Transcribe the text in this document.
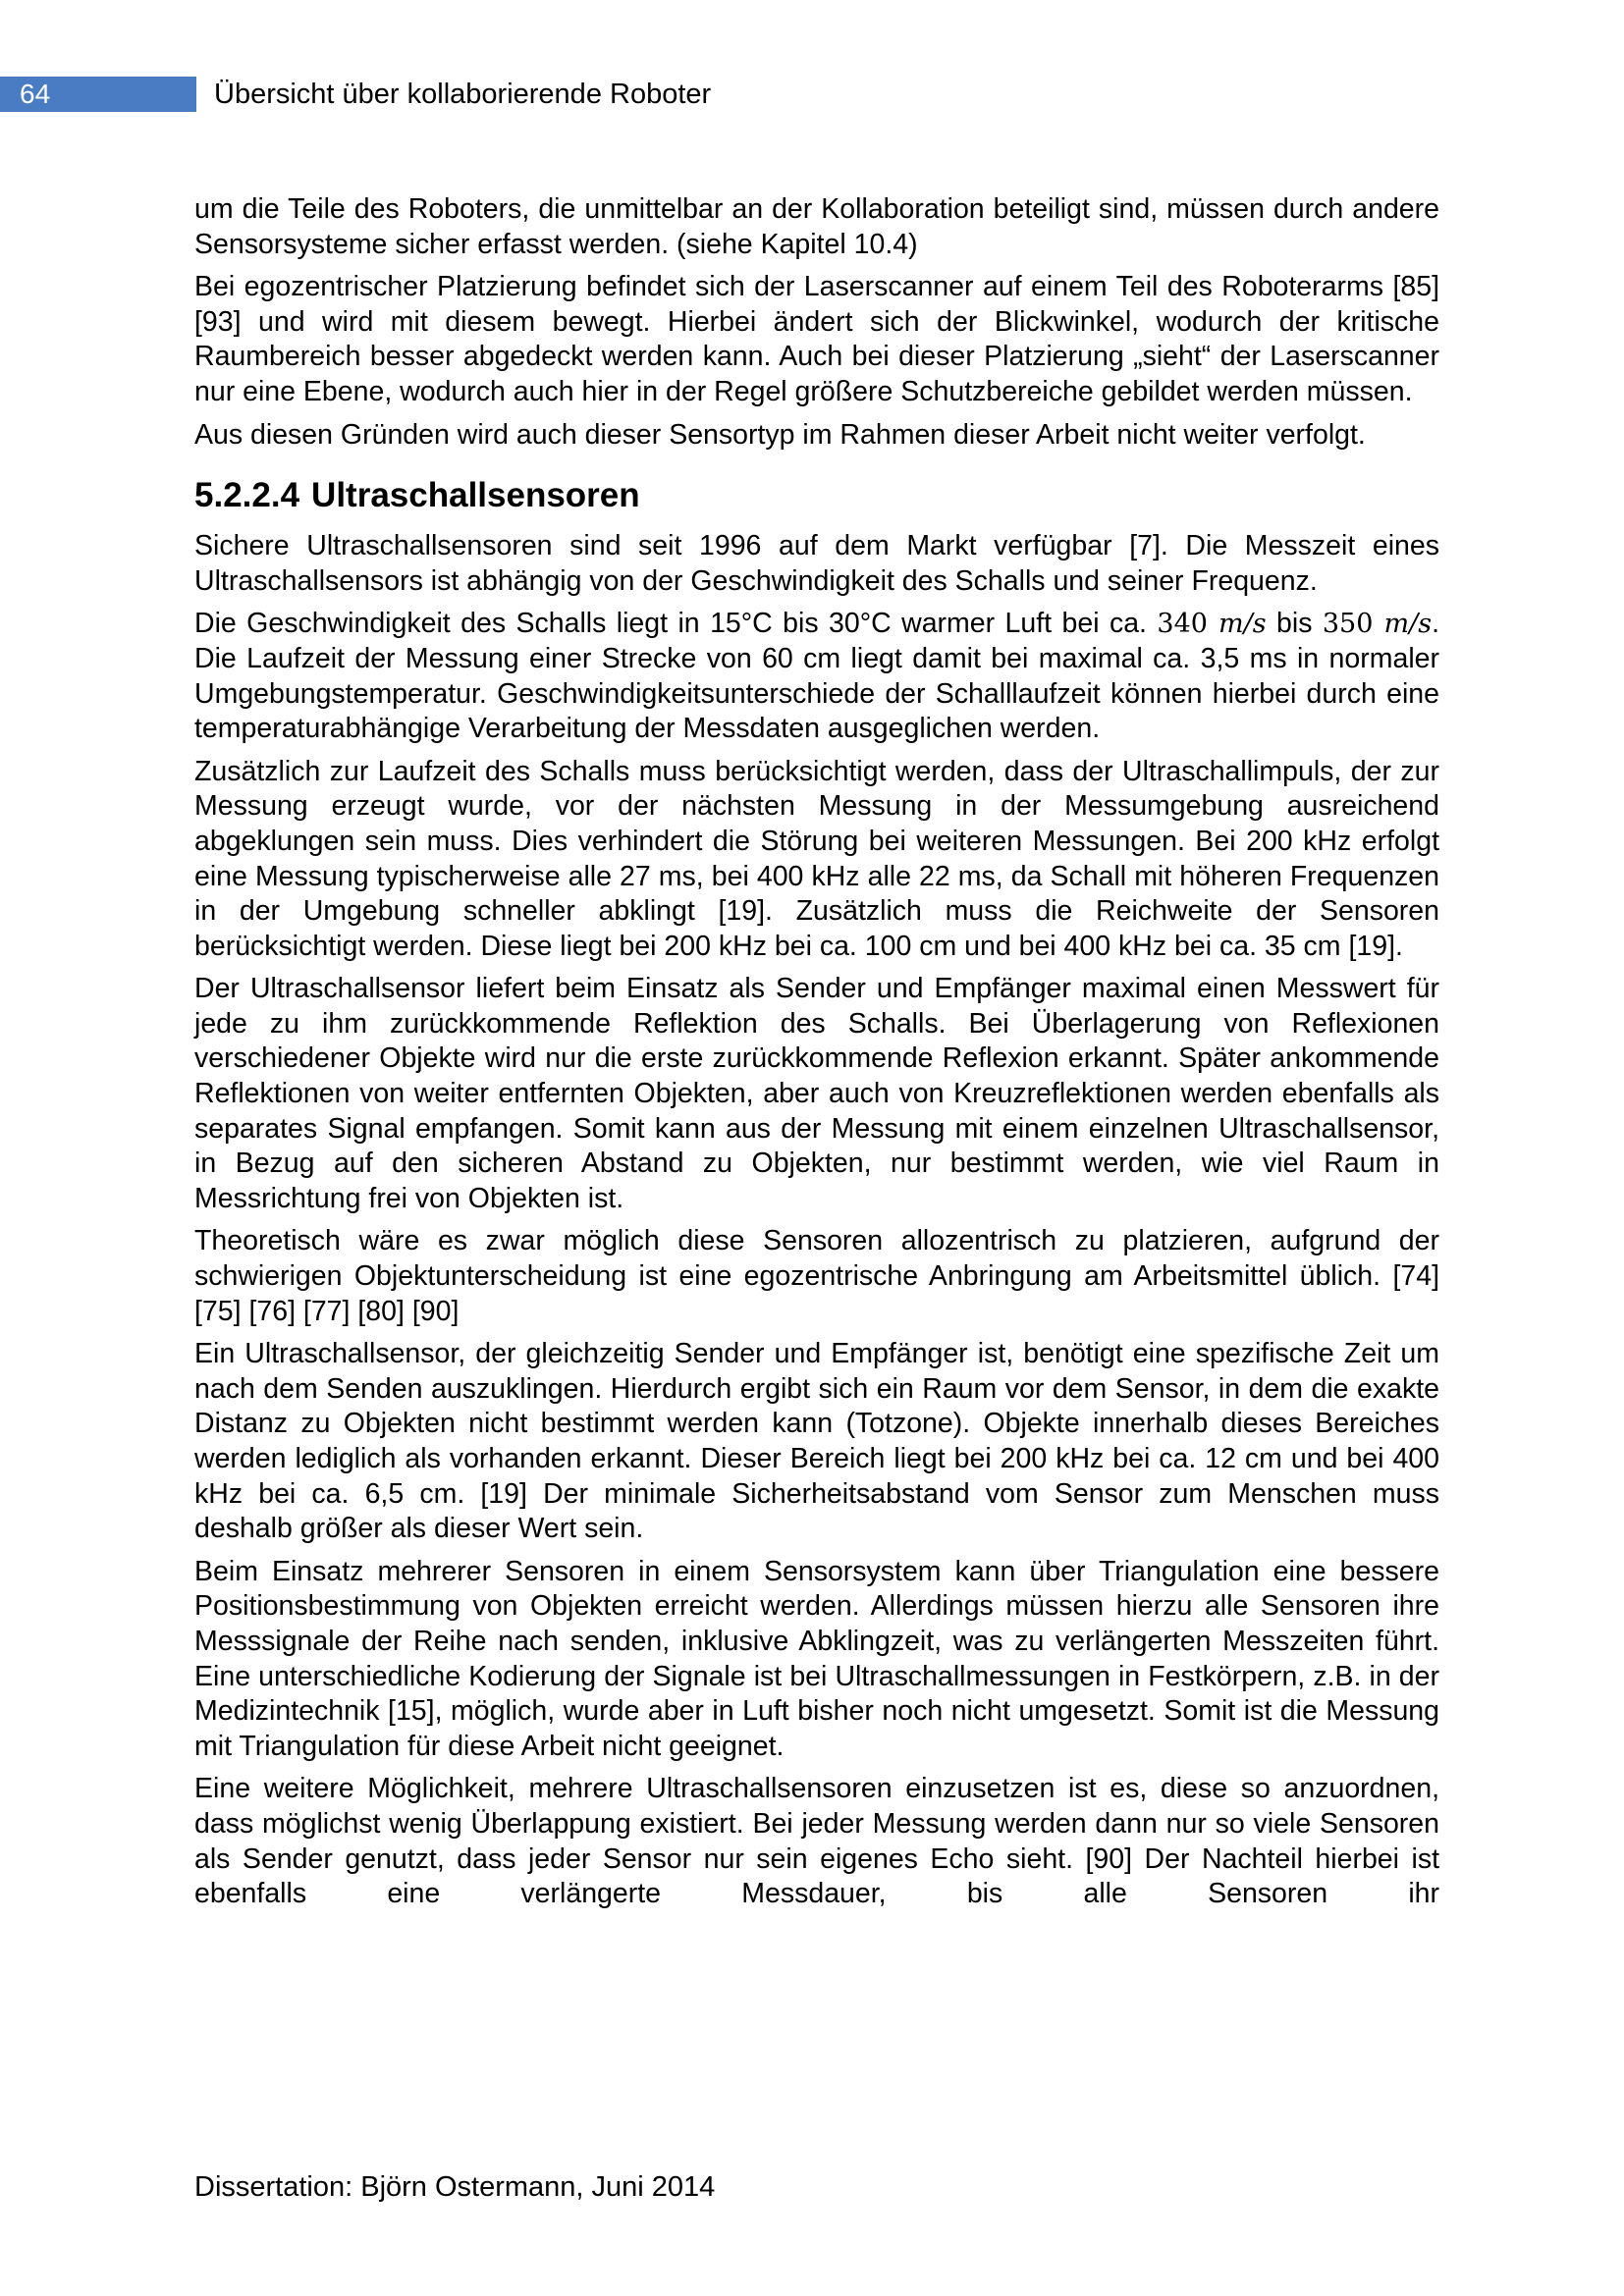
64	Übersicht über kollaborierende Roboter

um die Teile des Roboters, die unmittelbar an der Kollaboration beteiligt sind, müssen durch andere Sensorsysteme sicher erfasst werden. (siehe Kapitel 10.4)

Bei egozentrischer Platzierung befindet sich der Laserscanner auf einem Teil des Roboterarms [85] [93] und wird mit diesem bewegt. Hierbei ändert sich der Blickwinkel, wodurch der kritische Raumbereich besser abgedeckt werden kann. Auch bei dieser Platzierung „sieht“ der Laserscanner nur eine Ebene, wodurch auch hier in der Regel größere Schutzbereiche gebildet werden müssen.

Aus diesen Gründen wird auch dieser Sensortyp im Rahmen dieser Arbeit nicht weiter verfolgt.

5.2.2.4 Ultraschallsensoren

Sichere Ultraschallsensoren sind seit 1996 auf dem Markt verfügbar [7]. Die Messzeit eines Ultraschallsensors ist abhängig von der Geschwindigkeit des Schalls und seiner Frequenz.

Die Geschwindigkeit des Schalls liegt in 15°C bis 30°C warmer Luft bei ca. 340 m/s bis 350 m/s. Die Laufzeit der Messung einer Strecke von 60 cm liegt damit bei maximal ca. 3,5 ms in normaler Umgebungstemperatur. Geschwindigkeitsunterschiede der Schalllaufzeit können hierbei durch eine temperaturabhängige Verarbeitung der Messdaten ausgeglichen werden.

Zusätzlich zur Laufzeit des Schalls muss berücksichtigt werden, dass der Ultraschallimpuls, der zur Messung erzeugt wurde, vor der nächsten Messung in der Messumgebung ausreichend abgeklungen sein muss. Dies verhindert die Störung bei weiteren Messungen. Bei 200 kHz erfolgt eine Messung typischerweise alle 27 ms, bei 400 kHz alle 22 ms, da Schall mit höheren Frequenzen in der Umgebung schneller abklingt [19]. Zusätzlich muss die Reichweite der Sensoren berücksichtigt werden. Diese liegt bei 200 kHz bei ca. 100 cm und bei 400 kHz bei ca. 35 cm [19].

Der Ultraschallsensor liefert beim Einsatz als Sender und Empfänger maximal einen Messwert für jede zu ihm zurückkommende Reflektion des Schalls. Bei Überlagerung von Reflexionen verschiedener Objekte wird nur die erste zurückkommende Reflexion erkannt. Später ankommende Reflektionen von weiter entfernten Objekten, aber auch von Kreuzreflektionen werden ebenfalls als separates Signal empfangen. Somit kann aus der Messung mit einem einzelnen Ultraschallsensor, in Bezug auf den sicheren Abstand zu Objekten, nur bestimmt werden, wie viel Raum in Messrichtung frei von Objekten ist.

Theoretisch wäre es zwar möglich diese Sensoren allozentrisch zu platzieren, aufgrund der schwierigen Objektunterscheidung ist eine egozentrische Anbringung am Arbeitsmittel üblich. [74] [75] [76] [77] [80] [90]

Ein Ultraschallsensor, der gleichzeitig Sender und Empfänger ist, benötigt eine spezifische Zeit um nach dem Senden auszuklingen. Hierdurch ergibt sich ein Raum vor dem Sensor, in dem die exakte Distanz zu Objekten nicht bestimmt werden kann (Totzone). Objekte innerhalb dieses Bereiches werden lediglich als vorhanden erkannt. Dieser Bereich liegt bei 200 kHz bei ca. 12 cm und bei 400 kHz bei ca. 6,5 cm. [19] Der minimale Sicherheitsabstand vom Sensor zum Menschen muss deshalb größer als dieser Wert sein.

Beim Einsatz mehrerer Sensoren in einem Sensorsystem kann über Triangulation eine bessere Positionsbestimmung von Objekten erreicht werden. Allerdings müssen hierzu alle Sensoren ihre Messsignale der Reihe nach senden, inklusive Abklingzeit, was zu verlängerten Messzeiten führt. Eine unterschiedliche Kodierung der Signale ist bei Ultraschallmessungen in Festkörpern, z.B. in der Medizintechnik [15], möglich, wurde aber in Luft bisher noch nicht umgesetzt. Somit ist die Messung mit Triangulation für diese Arbeit nicht geeignet.

Eine weitere Möglichkeit, mehrere Ultraschallsensoren einzusetzen ist es, diese so anzuordnen, dass möglichst wenig Überlappung existiert. Bei jeder Messung werden dann nur so viele Sensoren als Sender genutzt, dass jeder Sensor nur sein eigenes Echo sieht. [90] Der Nachteil hierbei ist ebenfalls eine verlängerte Messdauer, bis alle Sensoren ihr

Dissertation: Björn Ostermann, Juni 2014
